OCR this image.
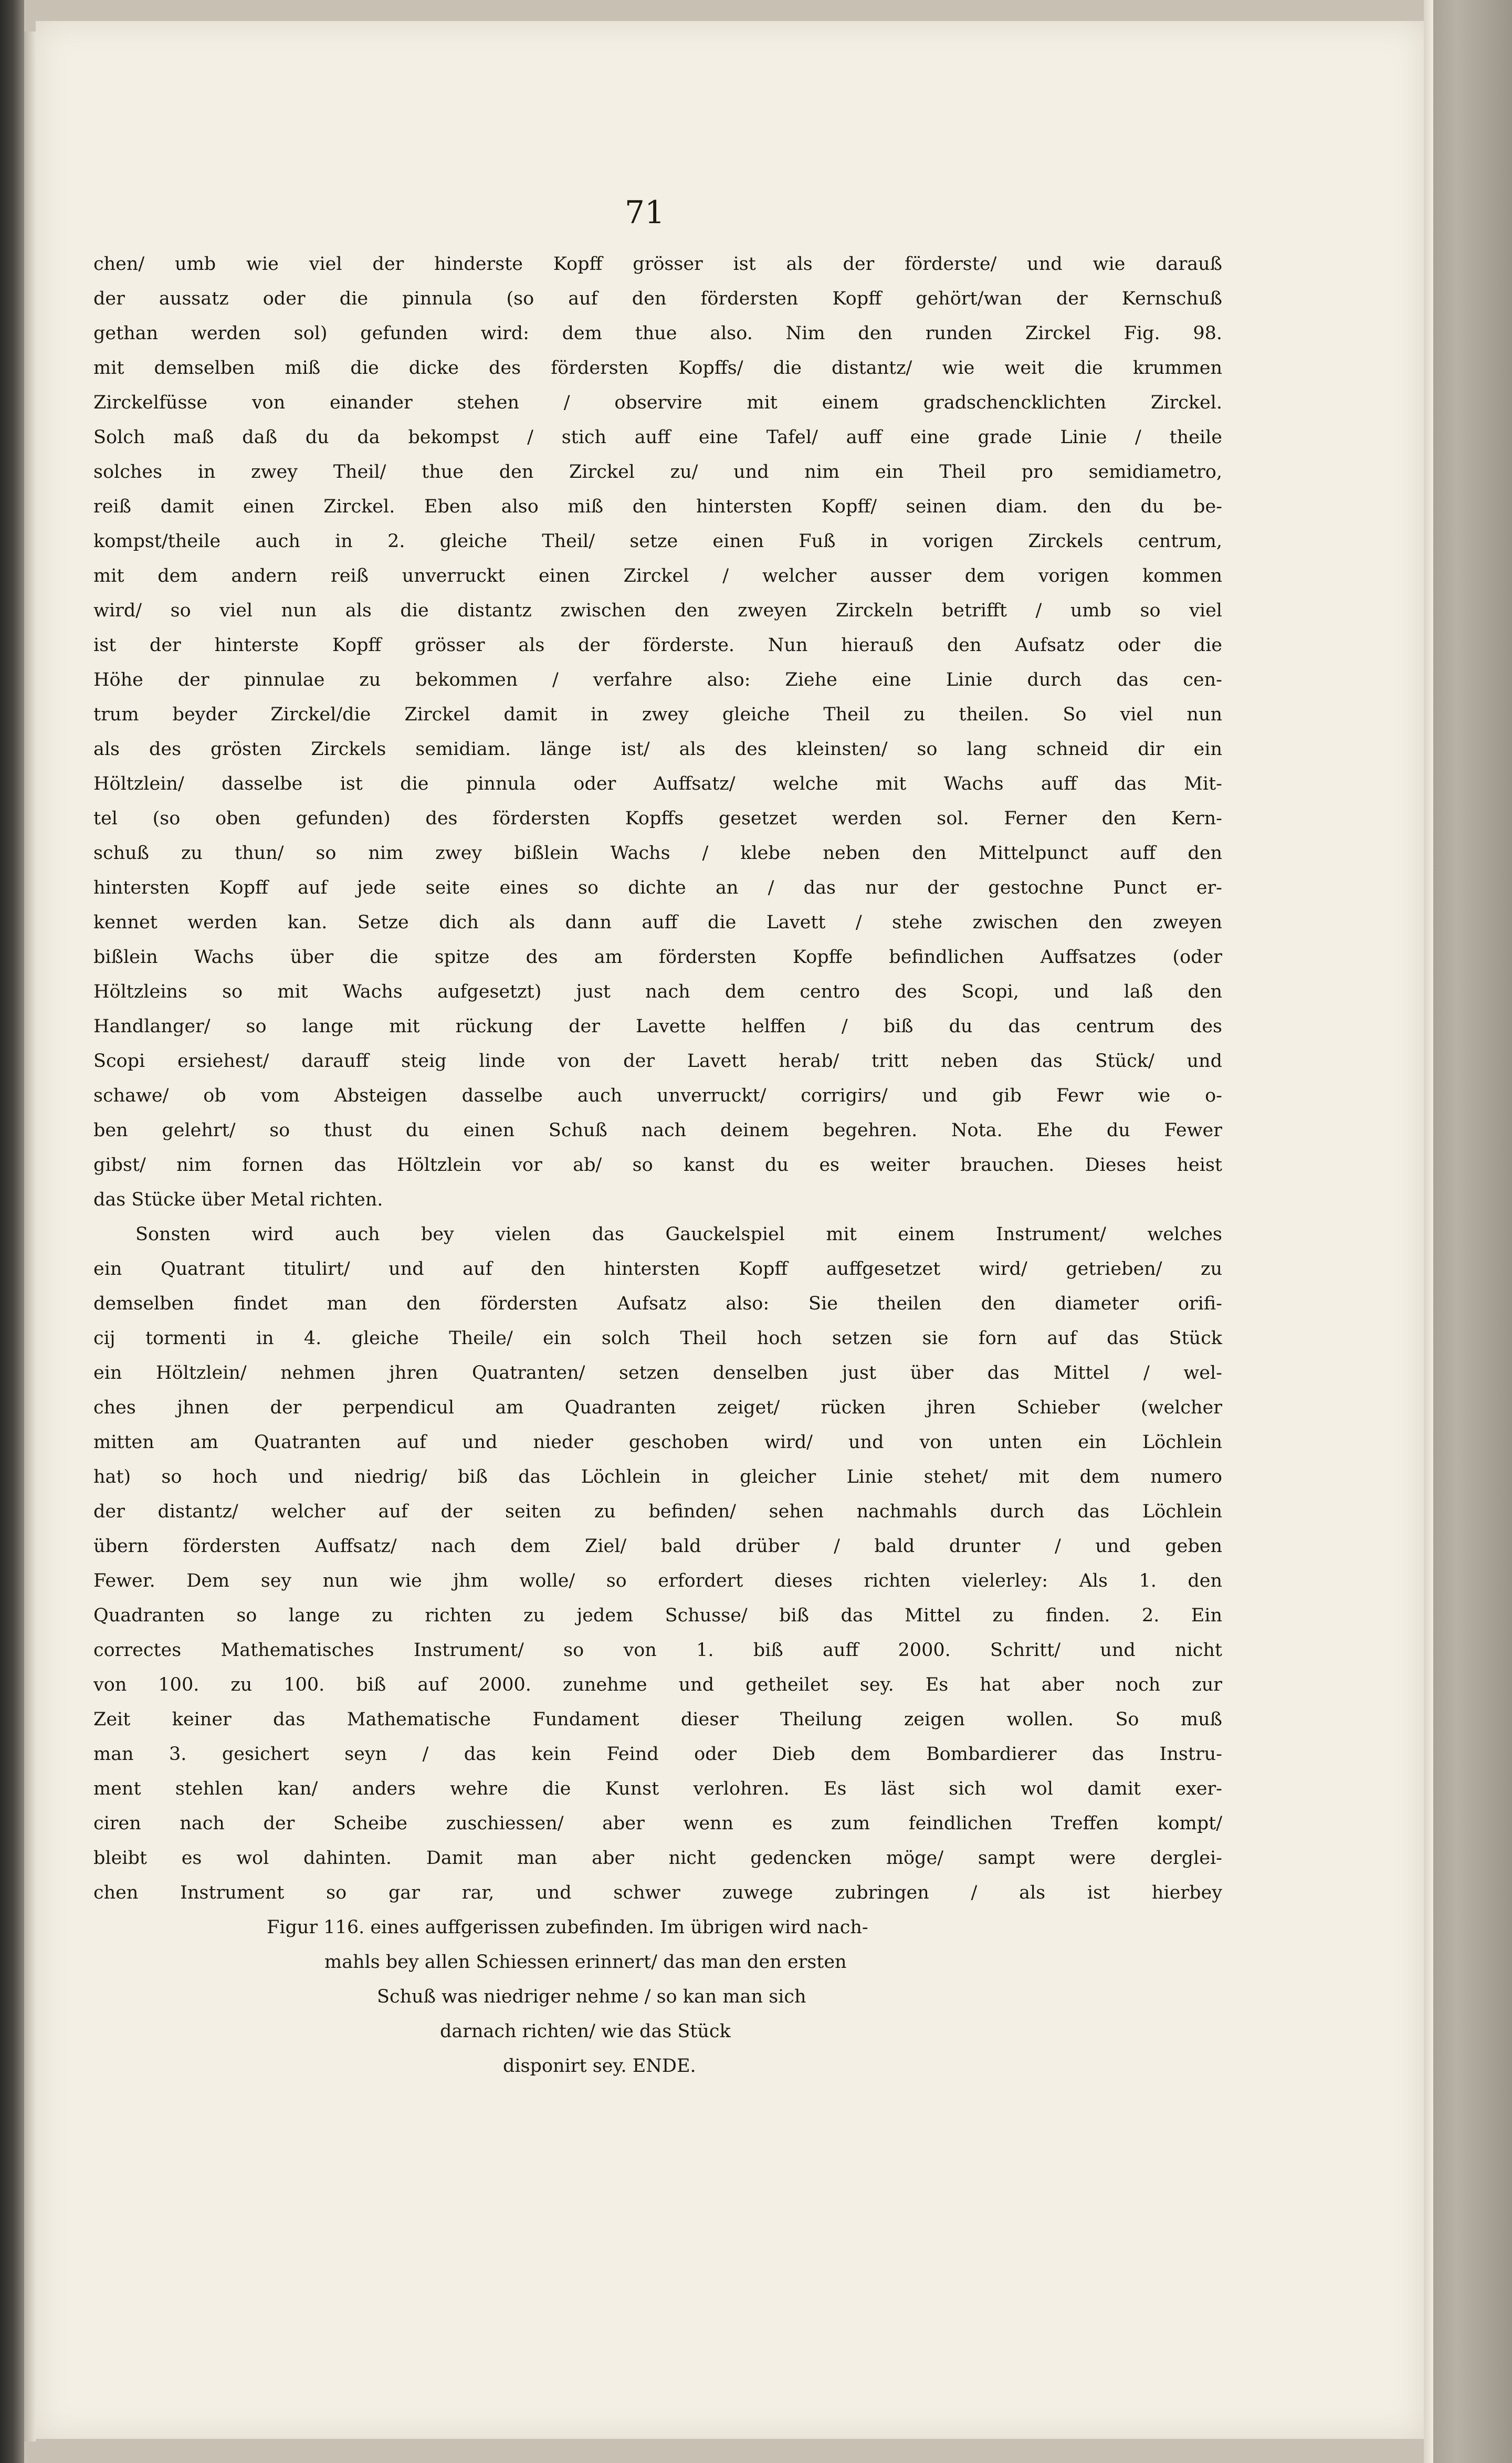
71
chen/ umb wie viel der hinderste Kopff grösser ist als der förderste/ und wie darauß
der aussatz oder die pinnula (so auf den fördersten Kopff gehört/wan der Kernschuß
gethan werden sol) gefunden wird: dem thue also. Nim den runden Zirckel Fig. 98.
mit demselben miß die dicke des fördersten Kopffs/ die distantz/ wie weit die krummen
Zirckelfüsse von einander stehen / observire mit einem gradschencklichten Zirckel.
Solch maß daß du da bekompst / stich auff eine Tafel/ auff eine grade Linie / theile
solches in zwey Theil/ thue den Zirckel zu/ und nim ein Theil pro semidiametro,
reiß damit einen Zirckel. Eben also miß den hintersten Kopff/ seinen diam. den du be-
kompst/theile auch in 2. gleiche Theil/ setze einen Fuß in vorigen Zirckels centrum,
mit dem andern reiß unverruckt einen Zirckel / welcher ausser dem vorigen kommen
wird/ so viel nun als die distantz zwischen den zweyen Zirckeln betrifft / umb so viel
ist der hinterste Kopff grösser als der förderste. Nun hierauß den Aufsatz oder die
Höhe der pinnulae zu bekommen / verfahre also: Ziehe eine Linie durch das cen-
trum beyder Zirckel/die Zirckel damit in zwey gleiche Theil zu theilen. So viel nun
als des grösten Zirckels semidiam. länge ist/ als des kleinsten/ so lang schneid dir ein
Höltzlein/ dasselbe ist die pinnula oder Auffsatz/ welche mit Wachs auff das Mit-
tel (so oben gefunden) des fördersten Kopffs gesetzet werden sol. Ferner den Kern-
schuß zu thun/ so nim zwey bißlein Wachs / klebe neben den Mittelpunct auff den
hintersten Kopff auf jede seite eines so dichte an / das nur der gestochne Punct er-
kennet werden kan. Setze dich als dann auff die Lavett / stehe zwischen den zweyen
bißlein Wachs über die spitze des am fördersten Kopffe befindlichen Auffsatzes (oder
Höltzleins so mit Wachs aufgesetzt) just nach dem centro des Scopi, und laß den
Handlanger/ so lange mit rückung der Lavette helffen / biß du das centrum des
Scopi ersiehest/ darauff steig linde von der Lavett herab/ tritt neben das Stück/ und
schawe/ ob vom Absteigen dasselbe auch unverruckt/ corrigirs/ und gib Fewr wie o-
ben gelehrt/ so thust du einen Schuß nach deinem begehren. Nota. Ehe du Fewer
gibst/ nim fornen das Höltzlein vor ab/ so kanst du es weiter brauchen. Dieses heist
das Stücke über Metal richten.
Sonsten wird auch bey vielen das Gauckelspiel mit einem Instrument/ welches
ein Quatrant titulirt/ und auf den hintersten Kopff auffgesetzet wird/ getrieben/ zu
demselben findet man den fördersten Aufsatz also: Sie theilen den diameter orifi-
cij tormenti in 4. gleiche Theile/ ein solch Theil hoch setzen sie forn auf das Stück
ein Höltzlein/ nehmen jhren Quatranten/ setzen denselben just über das Mittel / wel-
ches jhnen der perpendicul am Quadranten zeiget/ rücken jhren Schieber (welcher
mitten am Quatranten auf und nieder geschoben wird/ und von unten ein Löchlein
hat) so hoch und niedrig/ biß das Löchlein in gleicher Linie stehet/ mit dem numero
der distantz/ welcher auf der seiten zu befinden/ sehen nachmahls durch das Löchlein
übern fördersten Auffsatz/ nach dem Ziel/ bald drüber / bald drunter / und geben
Fewer. Dem sey nun wie jhm wolle/ so erfordert dieses richten vielerley: Als 1. den
Quadranten so lange zu richten zu jedem Schusse/ biß das Mittel zu finden. 2. Ein
correctes Mathematisches Instrument/ so von 1. biß auff 2000. Schritt/ und nicht
von 100. zu 100. biß auf 2000. zunehme und getheilet sey. Es hat aber noch zur
Zeit keiner das Mathematische Fundament dieser Theilung zeigen wollen. So muß
man 3. gesichert seyn / das kein Feind oder Dieb dem Bombardierer das Instru-
ment stehlen kan/ anders wehre die Kunst verlohren. Es läst sich wol damit exer-
ciren nach der Scheibe zuschiessen/ aber wenn es zum feindlichen Treffen kompt/
bleibt es wol dahinten. Damit man aber nicht gedencken möge/ sampt were derglei-
chen Instrument so gar rar, und schwer zuwege zubringen / als ist hierbey
Figur 116. eines auffgerissen zubefinden. Im übrigen wird nach-
mahls bey allen Schiessen erinnert/ das man den ersten
Schuß was niedriger nehme / so kan man sich
darnach richten/ wie das Stück
disponirt sey. ENDE.
